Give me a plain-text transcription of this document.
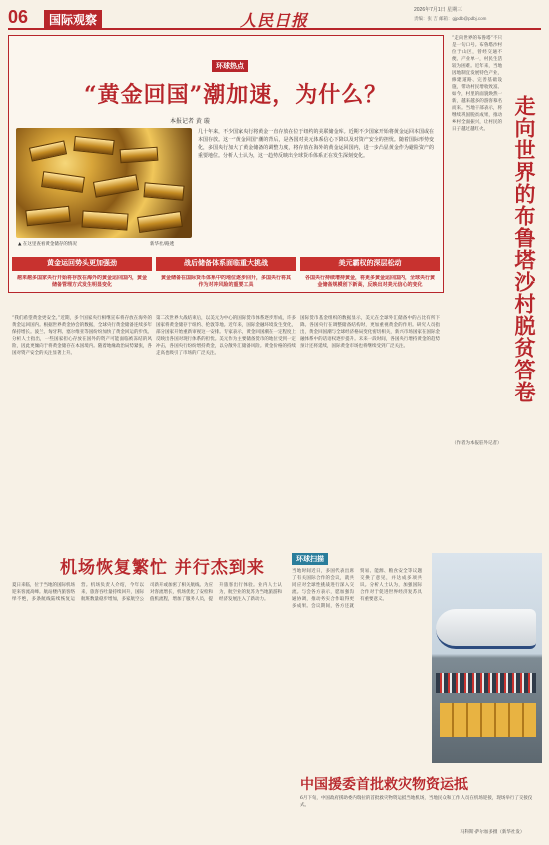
06	国际观察	人民日报
2026年7月1日 星期三
责编：张 吉 邮箱：gjpdb@pdbj.com
环球热点
“黄金回国”潮加速，为什么？
本报记者 黄 璇
▲ 在这里查看黄金储存的情况	新华社/路透
几十年来，不少国家央行将黄金一直存放在位于纽约的美联储金库。近期不少国家开始将黄金运回本国或在本国存放。这一“黄金回国”潮的背后，是各国对美元体系信心下降以及对资产安全的担忧。随着国际形势变化，多国央行加大了黄金储备的调整力度，将存放在海外的黄金运回国内，进一步凸显黄金作为避险资产的重要地位。分析人士认为，这一趋势反映出全球货币体系正在发生深刻变化。
黄金运回势头更加强劲
越来越多国家央行开始将存放在海外的黄金运回国内，黄金储备管理方式发生明显变化
“我们希望黄金更安全。”近期，多个国家央行相继宣布将存放在海外的黄金运回国内。根据世界黄金协会的数据，全球央行黄金储备连续多年保持增长。波兰、匈牙利、塞尔维亚等国纷纷加快了黄金回运的步伐。分析人士指出，一些国家担心存放在国外的资产可能面临被冻结的风险，因此更倾向于将黄金储存在本国境内。随着地缘政治局势紧张，各国对资产安全的关注显著上升。
战后储备体系面临重大挑战
黄金储备在国际货币体系中的地位逐步回升，多国央行将其作为对冲风险的重要工具
第二次世界大战结束后，以美元为中心的国际货币体系逐步形成，许多国家将黄金储存于纽约、伦敦等地。近年来，国际金融环境发生变化，部分国家开始重新审视这一安排。专家表示，黄金回国潮在一定程度上反映出各国对现行体系的担忧。美元作为主要储备货币的地位受到一定冲击，各国央行纷纷增持黄金，以分散外汇储备风险。黄金价格的持续走高也吸引了市场的广泛关注。
美元霸权的深层松动
各国央行持续增持黄金，将更多黄金运回国内，全球央行黄金储备规模创下新高，反映出对美元信心的变化
国际货币基金组织的数据显示，美元在全球外汇储备中的占比有所下降。各国央行在调整储备结构时，更加重视黄金的作用。研究人员指出，黄金回国潮与全球经济格局变化密切相关，新兴市场国家在国际金融体系中的话语权逐步提升。未来一段时间，各国央行增持黄金的趋势预计还将延续，国际黄金市场也将继续受到广泛关注。
“走向世界的布鲁塔”不只是一句口号。布鲁塔沙村位于山区，曾经交通不便、产业单一，村民生活较为困难。近年来，当地因地制宜发展特色产业，修建道路、完善基础设施，带动村民增收致富。如今，村里的面貌焕然一新，越来越多的游客慕名而来。当地干部表示，将继续巩固脱贫成果，推动乡村全面振兴，让村民的日子越过越红火。	走向世界的布鲁塔沙村脱贫答卷
（作者为本报驻外记者）
机场恢复繁忙 并行杰到来
夏日来临，位于当地的国际机场迎来客流高峰。航站楼内旅客络绎不绝，多条航线陆续恢复运营。机场负责人介绍，今年以来，旅客吞吐量持续回升，国际航班数量稳步增加，多家航空公司新开或加密了相关航线。为应对客流增长，机场优化了安检和值机流程，增加了服务人员，提升旅客出行体验。业内人士认为，航空业的复苏为当地旅游和经济发展注入了新动力。
环球扫描
当地时间近日，多国代表出席了有关国际合作的会议，就共同应对全球性挑战进行深入交流。与会各方表示，愿加强沟通协调，推动务实合作取得更多成果。会议期间，各方还就贸易、能源、粮食安全等议题交换了意见，并达成多项共识。分析人士认为，加强国际合作对于促进世界经济复苏具有重要意义。
中国援委首批救灾物资运抵
6月下旬，中国政府援助委内瑞拉的首批救灾物资运抵当地机场，当地民众和工作人员在机场迎接，现场举行了交接仪式。
马科斯·萨尔加多摄（新华社发）
